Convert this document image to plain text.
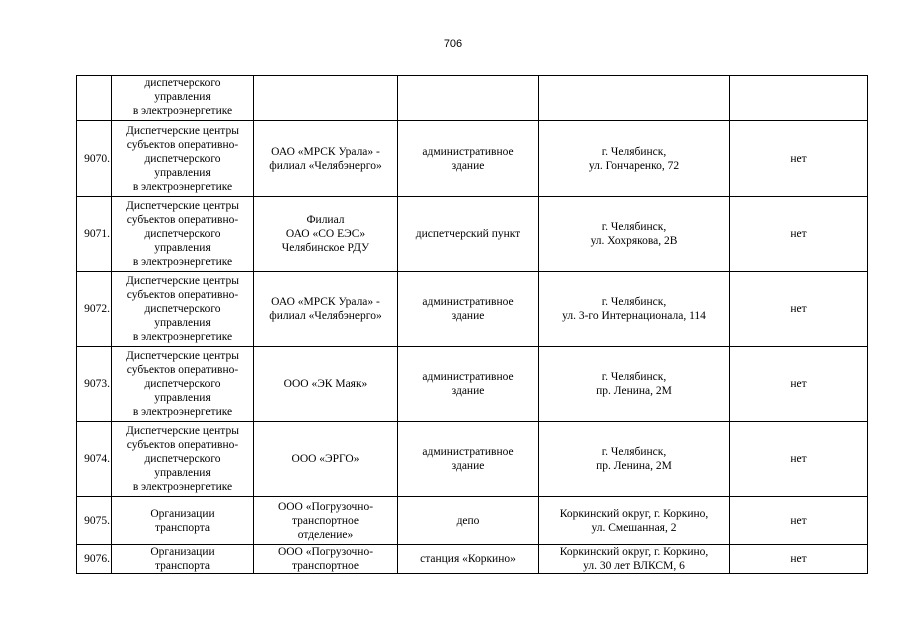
706

	диспетчерского
управления
в электроэнергетике				

9070.	Диспетчерские центры
субъектов оперативно-
диспетчерского
управления
в электроэнергетике	ОАО «МРСК Урала» -
филиал «Челябэнерго»	административное
здание	г. Челябинск,
ул. Гончаренко, 72	нет
9071.	Диспетчерские центры
субъектов оперативно-
диспетчерского
управления
в электроэнергетике	Филиал
ОАО «СО ЕЭС»
Челябинское РДУ	диспетчерский пункт	г. Челябинск,
ул. Хохрякова, 2В	нет
9072.	Диспетчерские центры
субъектов оперативно-
диспетчерского
управления
в электроэнергетике	ОАО «МРСК Урала» -
филиал «Челябэнерго»	административное
здание	г. Челябинск,
ул. 3-го Интернационала, 114	нет
9073.	Диспетчерские центры
субъектов оперативно-
диспетчерского
управления
в электроэнергетике	ООО «ЭК Маяк»	административное
здание	г. Челябинск,
пр. Ленина, 2М	нет
9074.	Диспетчерские центры
субъектов оперативно-
диспетчерского
управления
в электроэнергетике	ООО «ЭРГО»	административное
здание	г. Челябинск,
пр. Ленина, 2М	нет
9075.	Организации
транспорта	ООО «Погрузочно-
транспортное
отделение»	депо	Коркинский округ, г. Коркино,
ул. Смешанная, 2	нет
9076.	Организации
транспорта	ООО «Погрузочно-
транспортное	станция «Коркино»	Коркинский округ, г. Коркино,
ул. 30 лет ВЛКСМ, 6	нет
